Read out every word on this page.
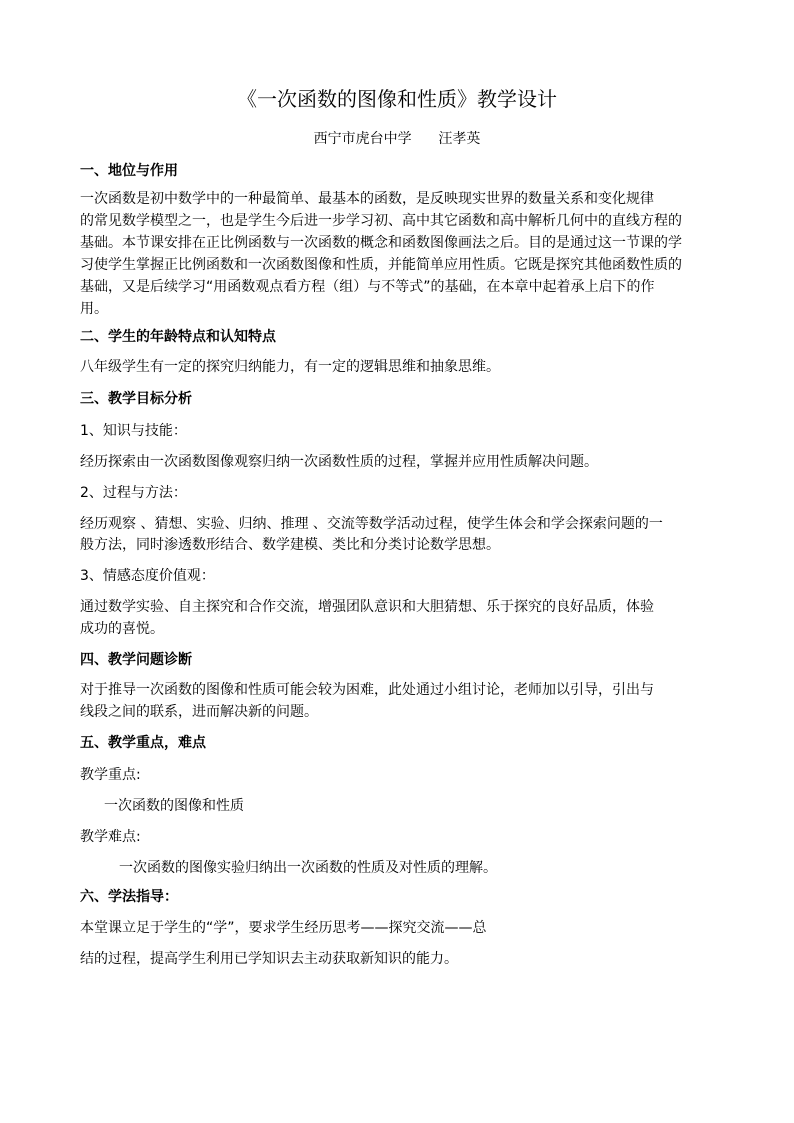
《一次函数的图像和性质》教学设计
西宁市虎台中学      汪孝英
一、地位与作用
一次函数是初中数学中的一种最简单、最基本的函数，是反映现实世界的数量关系和变化规律
的常见数学模型之一，也是学生今后进一步学习初、高中其它函数和高中解析几何中的直线方程的
基础。本节课安排在正比例函数与一次函数的概念和函数图像画法之后。目的是通过这一节课的学
习使学生掌握正比例函数和一次函数图像和性质，并能简单应用性质。它既是探究其他函数性质的
基础，又是后续学习“用函数观点看方程（组）与不等式”的基础，在本章中起着承上启下的作
用。
二、学生的年龄特点和认知特点
八年级学生有一定的探究归纳能力，有一定的逻辑思维和抽象思维。
三、教学目标分析
1、知识与技能：
经历探索由一次函数图像观察归纳一次函数性质的过程，掌握并应用性质解决问题。
2、过程与方法：
经历观察 、猜想、实验、归纳、推理 、交流等数学活动过程，使学生体会和学会探索问题的一
般方法，同时渗透数形结合、数学建模、类比和分类讨论数学思想。
3、情感态度价值观：
通过数学实验、自主探究和合作交流，增强团队意识和大胆猜想、乐于探究的良好品质，体验
成功的喜悦。
四、教学问题诊断
对于推导一次函数的图像和性质可能会较为困难，此处通过小组讨论，老师加以引导，引出与
线段之间的联系，进而解决新的问题。
五、教学重点，难点
教学重点:
一次函数的图像和性质
教学难点:
一次函数的图像实验归纳出一次函数的性质及对性质的理解。
六、学法指导：
本堂课立足于学生的“学”，要求学生经历思考——探究交流——总
结的过程，提高学生利用已学知识去主动获取新知识的能力。
